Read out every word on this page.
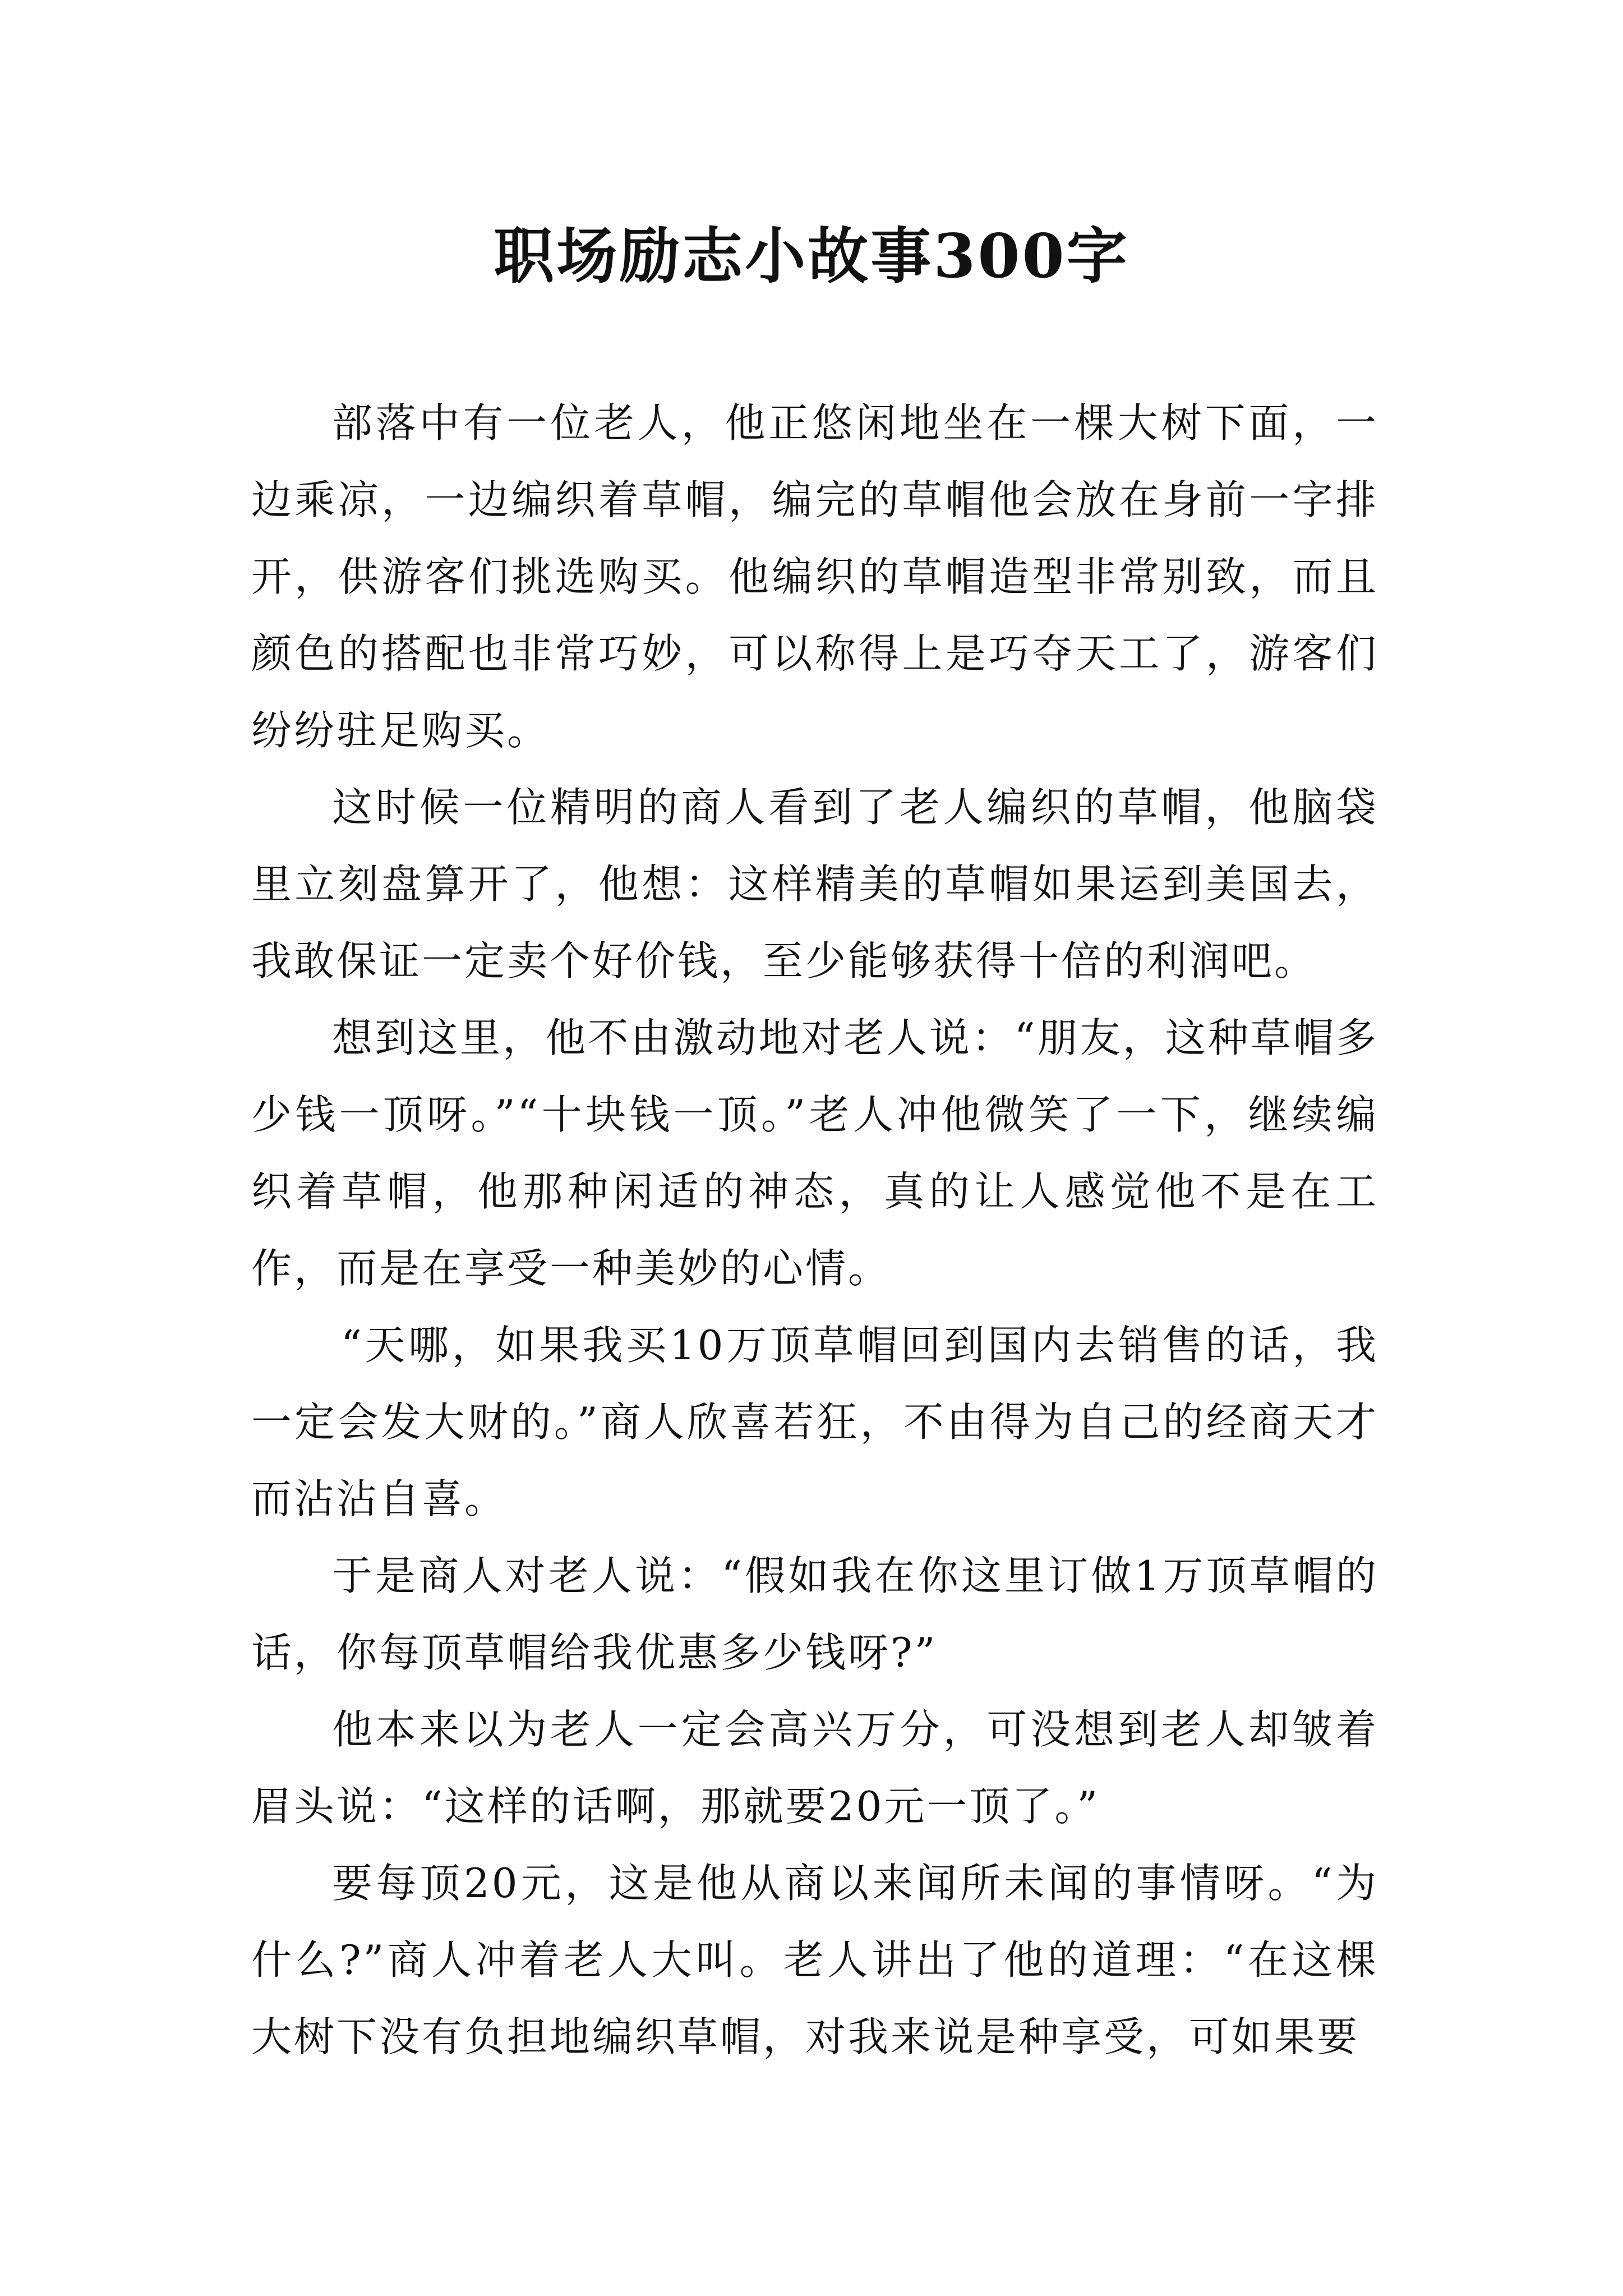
职场励志小故事300字

部落中有一位老人，他正悠闲地坐在一棵大树下面，一边乘凉，一边编织着草帽，编完的草帽他会放在身前一字排开，供游客们挑选购买。他编织的草帽造型非常别致，而且颜色的搭配也非常巧妙，可以称得上是巧夺天工了，游客们纷纷驻足购买。

这时候一位精明的商人看到了老人编织的草帽，他脑袋里立刻盘算开了，他想：这样精美的草帽如果运到美国去，我敢保证一定卖个好价钱，至少能够获得十倍的利润吧。

想到这里，他不由激动地对老人说：“朋友，这种草帽多少钱一顶呀。”“十块钱一顶。”老人冲他微笑了一下，继续编织着草帽，他那种闲适的神态，真的让人感觉他不是在工作，而是在享受一种美妙的心情。

“天哪，如果我买10万顶草帽回到国内去销售的话，我一定会发大财的。”商人欣喜若狂，不由得为自己的经商天才而沾沾自喜。

于是商人对老人说：“假如我在你这里订做1万顶草帽的话，你每顶草帽给我优惠多少钱呀?”

他本来以为老人一定会高兴万分，可没想到老人却皱着眉头说：“这样的话啊，那就要20元一顶了。”

要每顶20元，这是他从商以来闻所未闻的事情呀。“为什么?”商人冲着老人大叫。老人讲出了他的道理：“在这棵大树下没有负担地编织草帽，对我来说是种享受，可如果要
